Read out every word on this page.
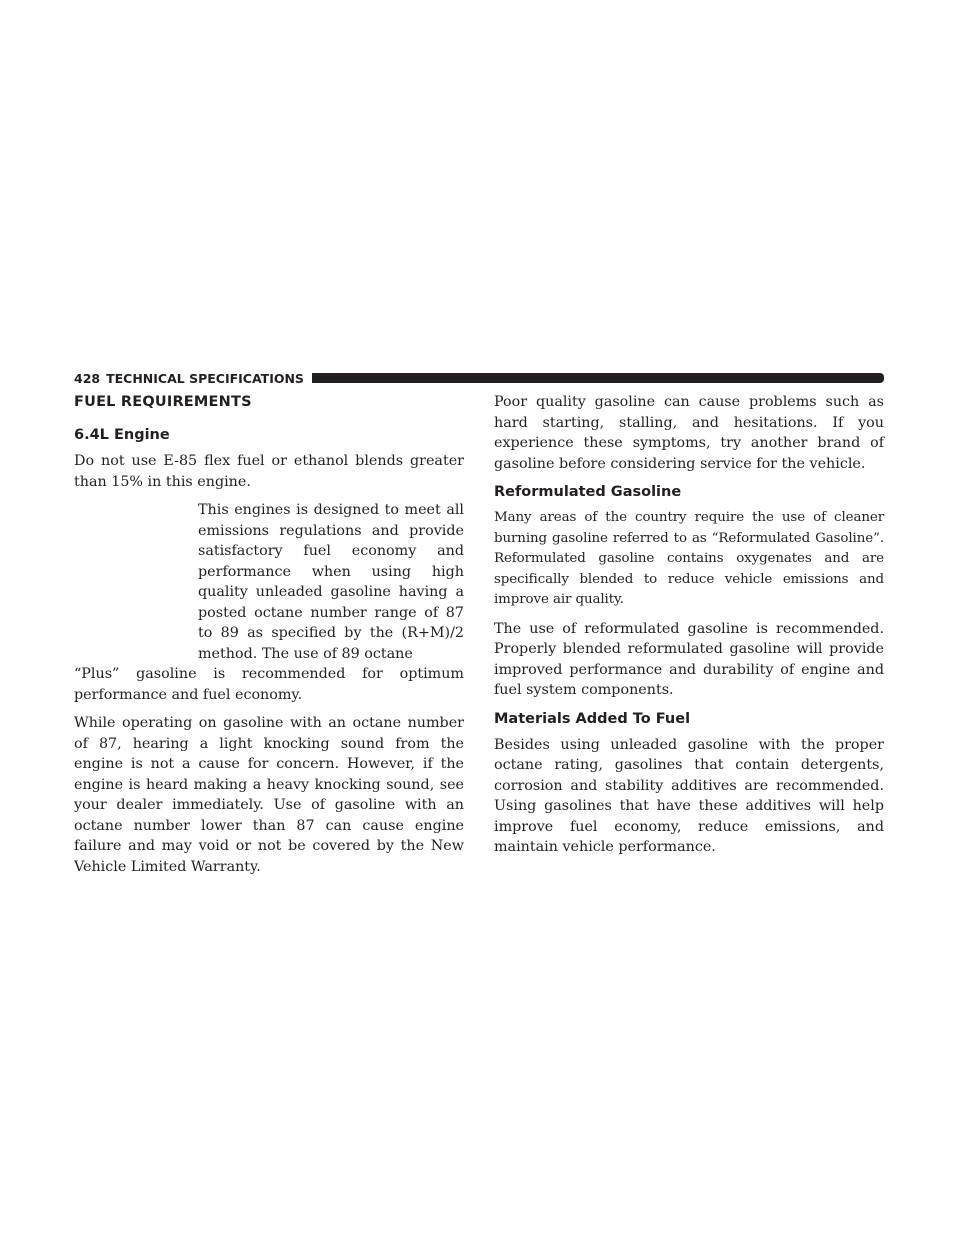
428 TECHNICAL SPECIFICATIONS
FUEL REQUIREMENTS
6.4L Engine

Do not use E-85 flex fuel or ethanol blends greater than 15% in this engine.

This engines is designed to meet all emissions regulations and provide satisfactory fuel economy and performance when using high quality unleaded gasoline having a posted octane number range of 87 to 89 as specified by the (R+M)/2 method. The use of 89 octane

“Plus” gasoline is recommended for optimum performance and fuel economy.

While operating on gasoline with an octane number of 87, hearing a light knocking sound from the engine is not a cause for concern. However, if the engine is heard making a heavy knocking sound, see your dealer immediately. Use of gasoline with an octane number lower than 87 can cause engine failure and may void or not be covered by the New Vehicle Limited Warranty.

Poor quality gasoline can cause problems such as hard starting, stalling, and hesitations. If you experience these symptoms, try another brand of gasoline before considering service for the vehicle.

Reformulated Gasoline

Many areas of the country require the use of cleaner burning gasoline referred to as “Reformulated Gasoline”. Reformulated gasoline contains oxygenates and are specifically blended to reduce vehicle emissions and improve air quality.

The use of reformulated gasoline is recommended. Properly blended reformulated gasoline will provide improved performance and durability of engine and fuel system components.

Materials Added To Fuel

Besides using unleaded gasoline with the proper octane rating, gasolines that contain detergents, corrosion and stability additives are recommended. Using gasolines that have these additives will help improve fuel economy, reduce emissions, and maintain vehicle performance.
